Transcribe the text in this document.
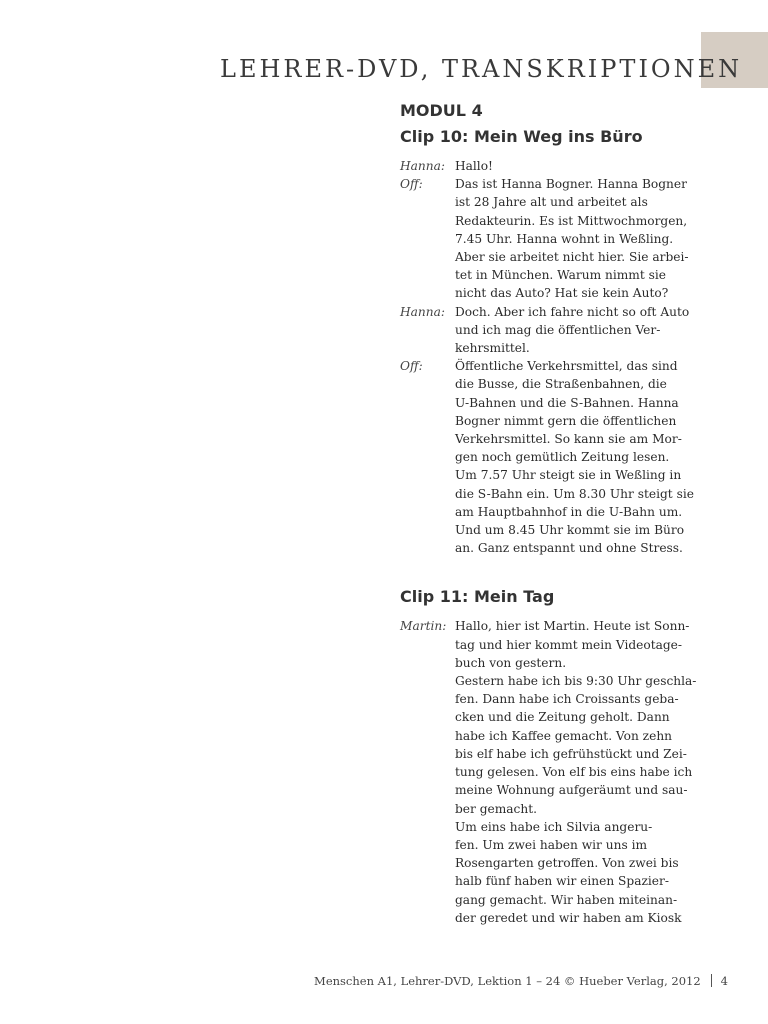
LEHRER-DVD, TRANSKRIPTIONEN
MODUL 4
Clip 10: Mein Weg ins Büro
Hanna: Hallo!
Off:	Das ist Hanna Bogner. Hanna Bogner
ist 28 Jahre alt und arbeitet als
Redakteurin. Es ist Mittwochmorgen,
7.45 Uhr. Hanna wohnt in Weßling.
Aber sie arbeitet nicht hier. Sie arbei-
tet in München. Warum nimmt sie
nicht das Auto? Hat sie kein Auto?
Hanna: Doch. Aber ich fahre nicht so oft Auto
und ich mag die öffentlichen Ver-
kehrsmittel.
Off:	Öffentliche Verkehrsmittel, das sind
die Busse, die Straßenbahnen, die
U-Bahnen und die S-Bahnen. Hanna
Bogner nimmt gern die öffentlichen
Verkehrsmittel. So kann sie am Mor-
gen noch gemütlich Zeitung lesen.
Um 7.57 Uhr steigt sie in Weßling in
die S-Bahn ein. Um 8.30 Uhr steigt sie
am Hauptbahnhof in die U-Bahn um.
Und um 8.45 Uhr kommt sie im Büro
an. Ganz entspannt und ohne Stress.
Clip 11: Mein Tag
Martin: Hallo, hier ist Martin. Heute ist Sonn-
tag und hier kommt mein Videotage-
buch von gestern.
Gestern habe ich bis 9:30 Uhr geschla-
fen. Dann habe ich Croissants geba-
cken und die Zeitung geholt. Dann
habe ich Kaffee gemacht. Von zehn
bis elf habe ich gefrühstückt und Zei-
tung gelesen. Von elf bis eins habe ich
meine Wohnung aufgeräumt und sau-
ber gemacht.
Um eins habe ich Silvia angeru-
fen. Um zwei haben wir uns im
Rosengarten getroffen. Von zwei bis
halb fünf haben wir einen Spazier-
gang gemacht. Wir haben miteinan-
der geredet und wir haben am Kiosk
Menschen A1, Lehrer-DVD, Lektion 1 – 24 © Hueber Verlag, 2012 4
